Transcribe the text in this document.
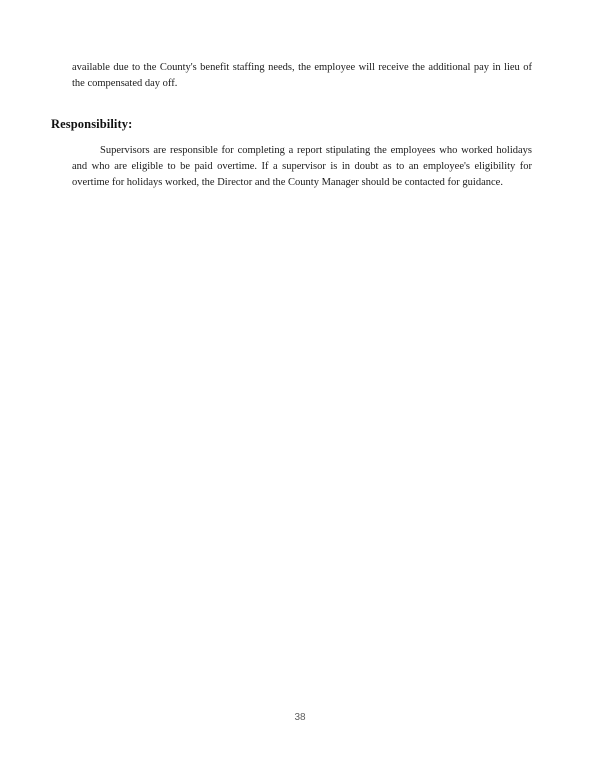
available due to the County's benefit staffing needs, the employee will receive the additional pay in lieu of the compensated day off.

Responsibility:

Supervisors are responsible for completing a report stipulating the employees who worked holidays and who are eligible to be paid overtime. If a supervisor is in doubt as to an employee's eligibility for overtime for holidays worked, the Director and the County Manager should be contacted for guidance.

38
